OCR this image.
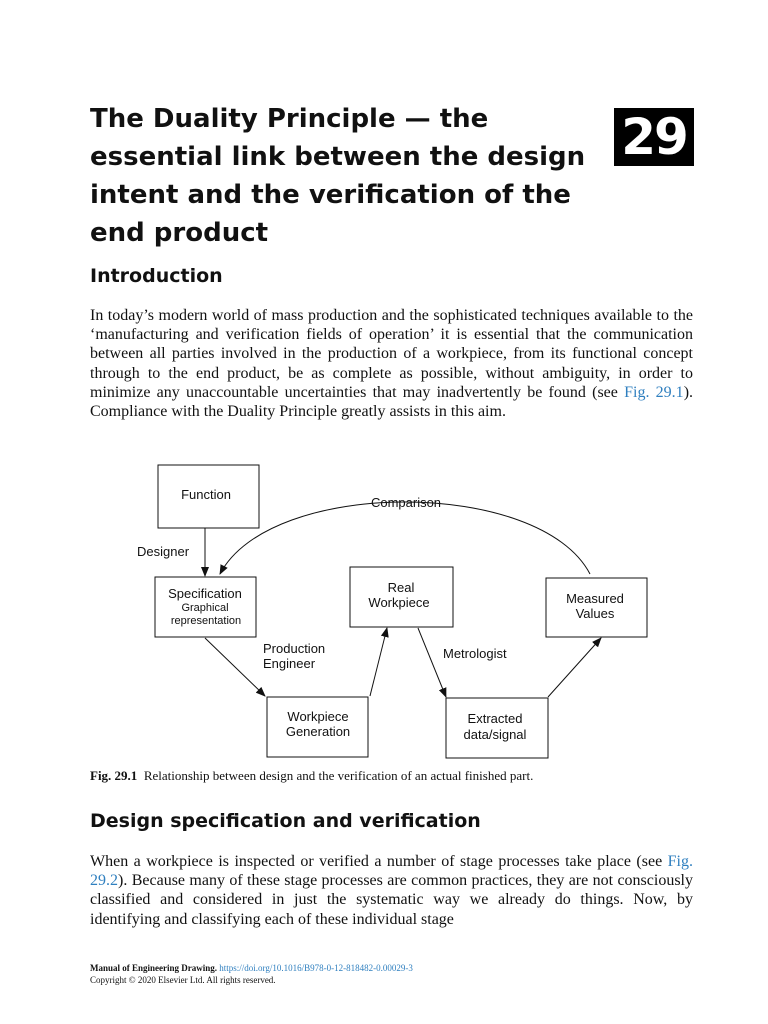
The Duality Principle — the essential link between the design intent and the verification of the end product
29
Introduction

In today’s modern world of mass production and the sophisticated techniques available to the ‘manufacturing and verification fields of operation’ it is essential that the communication between all parties involved in the production of a workpiece, from its functional concept through to the end product, be as complete as possible, without ambiguity, in order to minimize any unaccountable uncertainties that may inadvertently be found (see Fig. 29.1). Compliance with the Duality Principle greatly assists in this aim.

Function
Specification
Graphical
representation
Real
Workpiece	Measured
Values
Workpiece
Generation
Extracted
data/signal
Comparison
Designer
Production
Engineer
Metrologist

Fig. 29.1 Relationship between design and the verification of an actual finished part.

Design specification and verification

When a workpiece is inspected or verified a number of stage processes take place (see Fig. 29.2). Because many of these stage processes are common practices, they are not consciously classified and considered in just the systematic way we already do things. Now, by identifying and classifying each of these individual stage

Manual of Engineering Drawing. https://doi.org/10.1016/B978-0-12-818482-0.00029-3
Copyright © 2020 Elsevier Ltd. All rights reserved.
